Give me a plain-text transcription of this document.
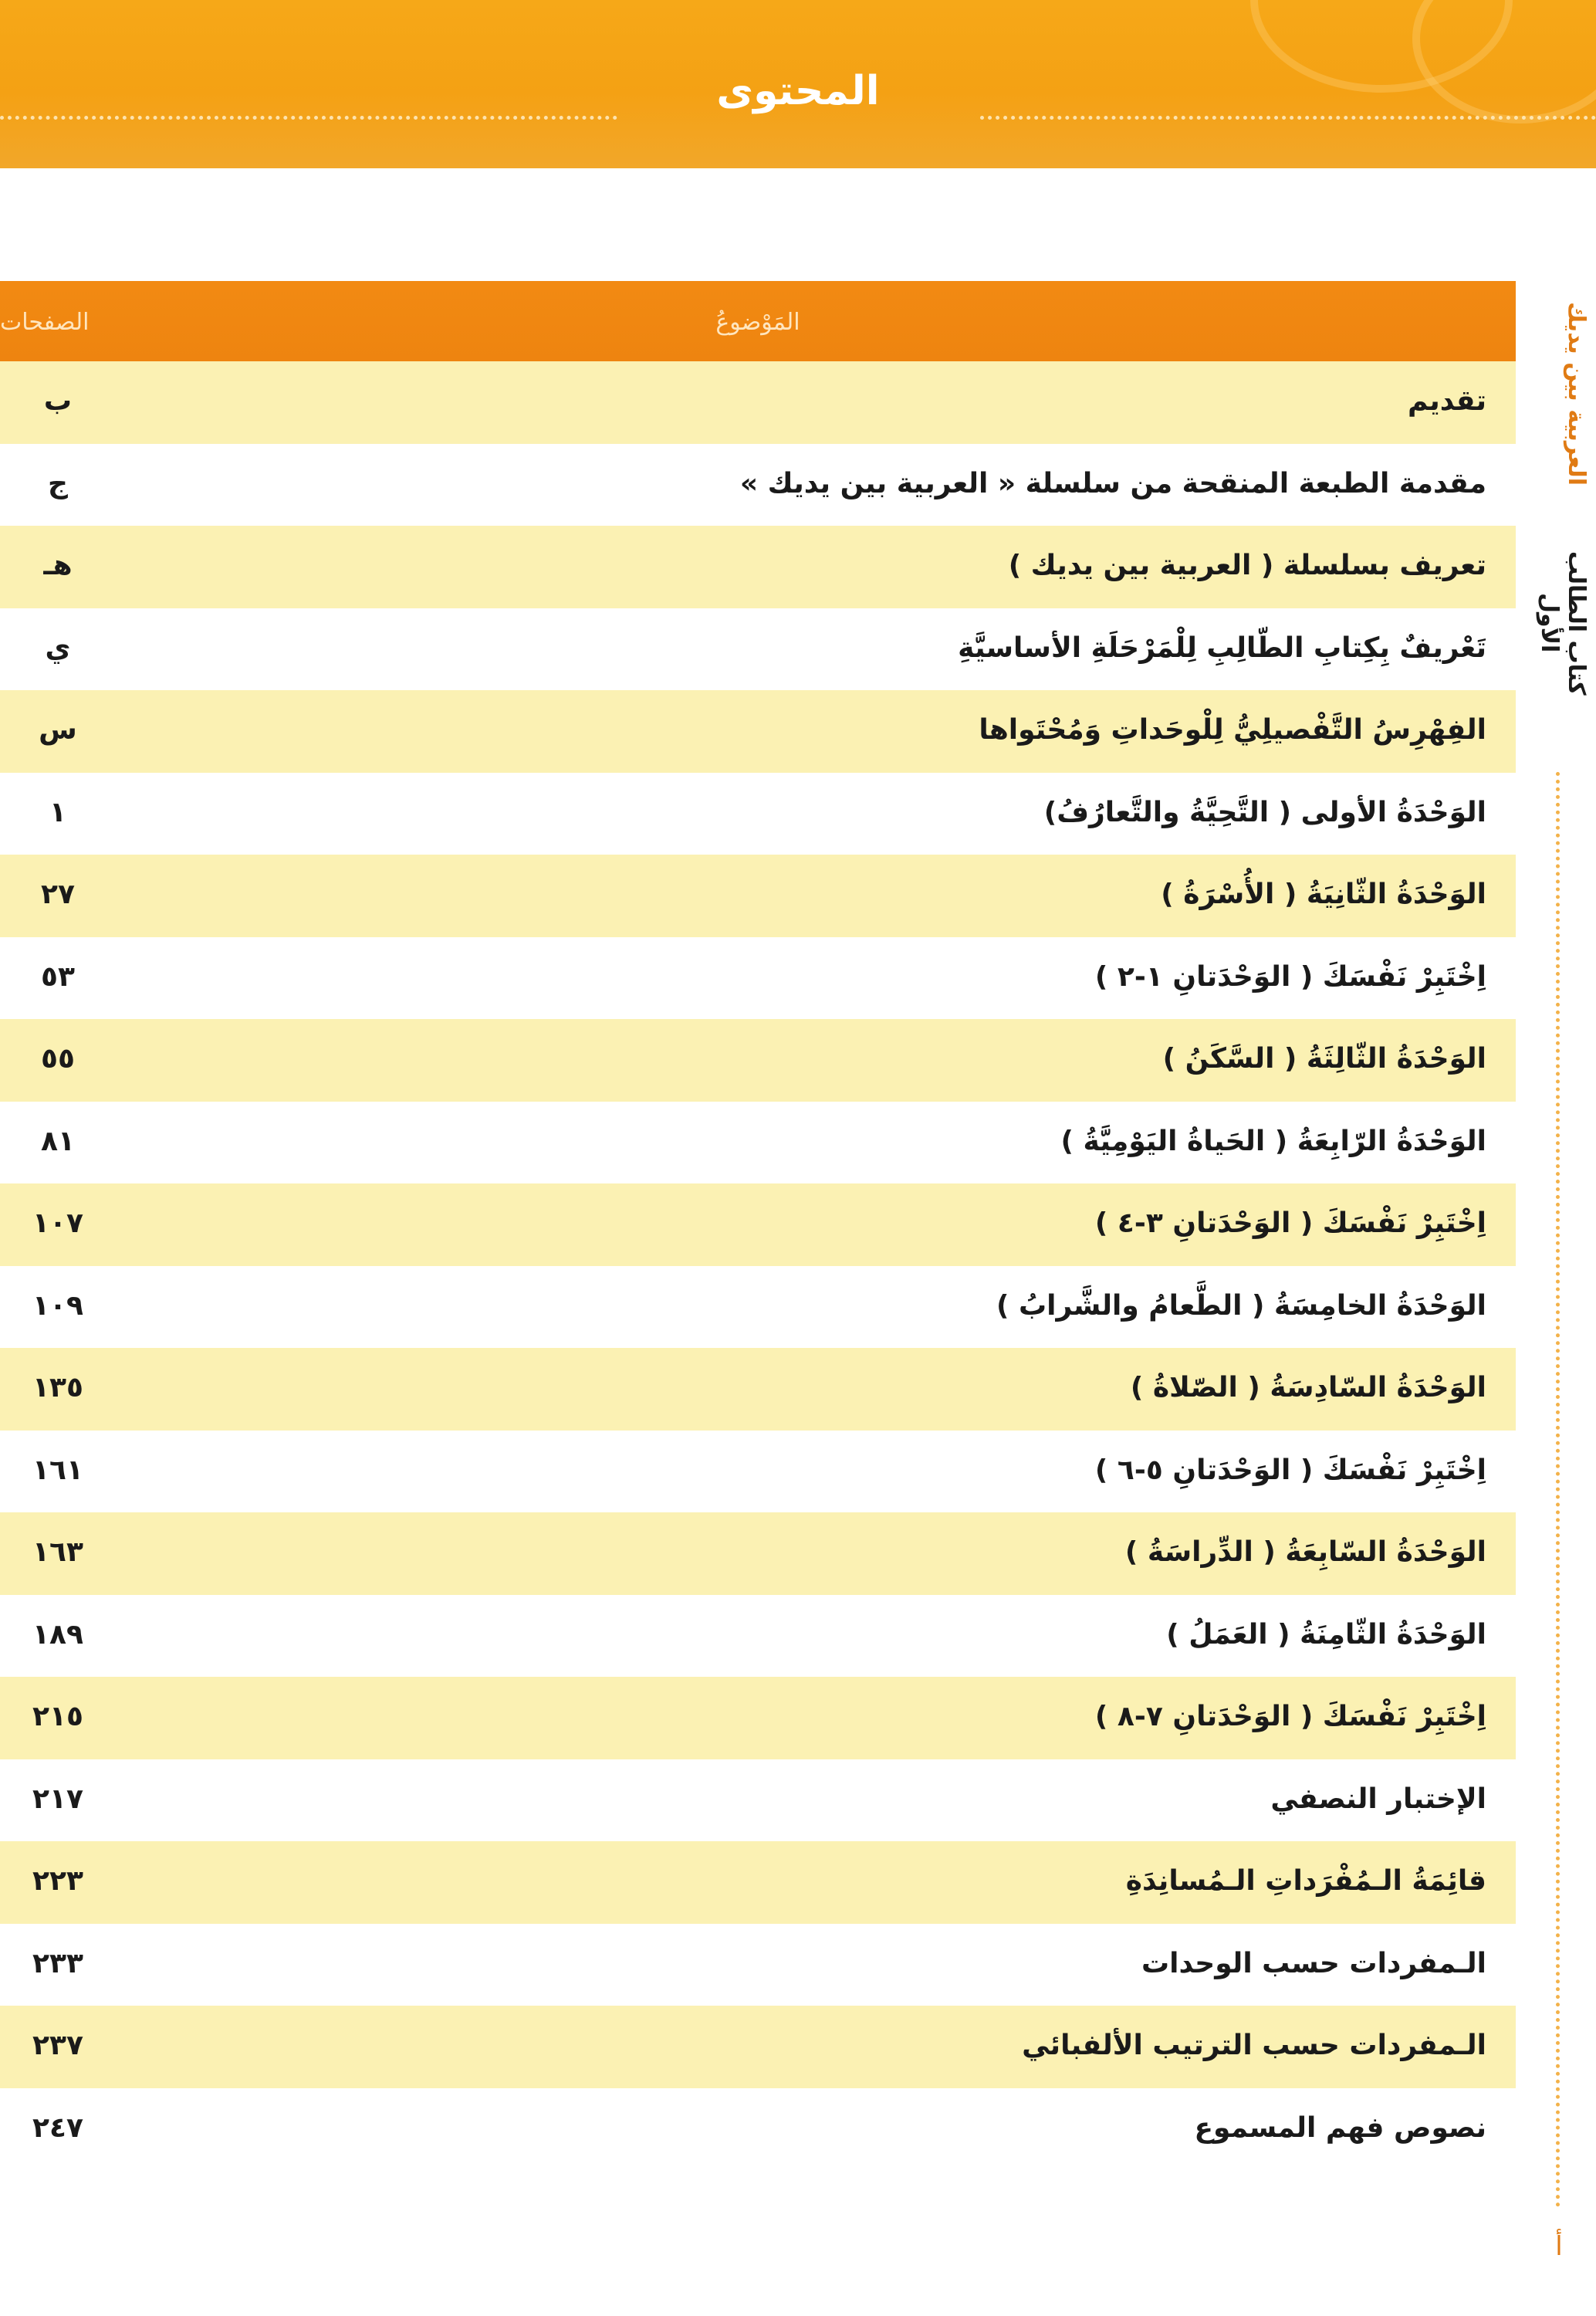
المحتوى
العربية بين يديك
كتاب الطالب الأول
المَوْضوعُ
الصفحات
تقديم
ب
مقدمة الطبعة المنقحة من سلسلة « العربية بين يديك »
ج
تعريف بسلسلة ( العربية بين يديك )
هـ
تَعْريفٌ بِكِتابِ الطّالِبِ لِلْمَرْحَلَةِ الأساسيَّةِ
ي
الفِهْرِسُ التَّفْصيلِيُّ لِلْوحَداتِ وَمُحْتَواها
س
الوَحْدَةُ الأولى ( التَّحِيَّةُ والتَّعارُفُ)
١
الوَحْدَةُ الثّانِيَةُ ( الأُسْرَةُ )
٢٧
اِخْتَبِرْ نَفْسَكَ ( الوَحْدَتانِ ١-٢ )
٥٣
الوَحْدَةُ الثّالِثَةُ ( السَّكَنُ )
٥٥
الوَحْدَةُ الرّابِعَةُ ( الحَياةُ اليَوْمِيَّةُ )
٨١
اِخْتَبِرْ نَفْسَكَ ( الوَحْدَتانِ ٣-٤ )
١٠٧
الوَحْدَةُ الخامِسَةُ ( الطَّعامُ والشَّرابُ )
١٠٩
الوَحْدَةُ السّادِسَةُ ( الصّلاةُ )
١٣٥
اِخْتَبِرْ نَفْسَكَ ( الوَحْدَتانِ ٥-٦ )
١٦١
الوَحْدَةُ السّابِعَةُ ( الدِّراسَةُ )
١٦٣
الوَحْدَةُ الثّامِنَةُ ( العَمَلُ )
١٨٩
اِخْتَبِرْ نَفْسَكَ ( الوَحْدَتانِ ٧-٨ )
٢١٥
الإختبار النصفي
٢١٧
قائِمَةُ الـمُفْرَداتِ الـمُسانِدَةِ
٢٢٣
الـمفردات حسب الوحدات
٢٣٣
الـمفردات حسب الترتيب الألفبائي
٢٣٧
نصوص فهم المسموع
٢٤٧
أ
